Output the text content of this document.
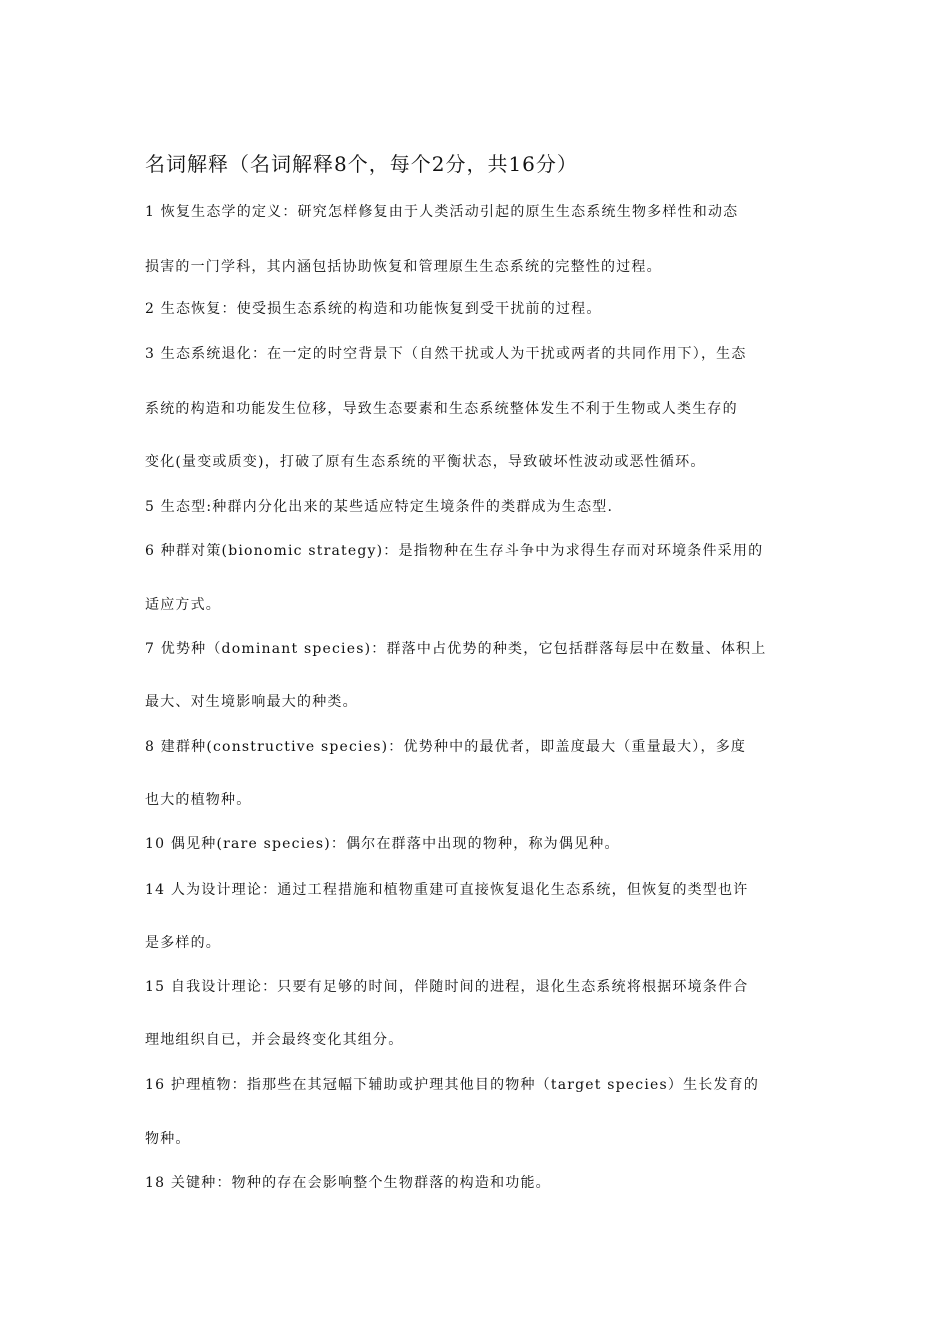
名词解释（名词解释8个，每个2分，共16分）
1 恢复生态学的定义：研究怎样修复由于人类活动引起的原生生态系统生物多样性和动态
损害的一门学科，其内涵包括协助恢复和管理原生生态系统的完整性的过程。
2 生态恢复：使受损生态系统的构造和功能恢复到受干扰前的过程。
3 生态系统退化：在一定的时空背景下（自然干扰或人为干扰或两者的共同作用下），生态
系统的构造和功能发生位移，导致生态要素和生态系统整体发生不利于生物或人类生存的
变化(量变或质变)，打破了原有生态系统的平衡状态，导致破坏性波动或恶性循环。
5 生态型:种群内分化出来的某些适应特定生境条件的类群成为生态型.
6 种群对策(bionomic strategy)：是指物种在生存斗争中为求得生存而对环境条件采用的
适应方式。
7 优势种（dominant species)：群落中占优势的种类，它包括群落每层中在数量、体积上
最大、对生境影响最大的种类。
8 建群种(constructive species)：优势种中的最优者，即盖度最大（重量最大），多度
也大的植物种。
10 偶见种(rare species)：偶尔在群落中出现的物种，称为偶见种。
14 人为设计理论：通过工程措施和植物重建可直接恢复退化生态系统，但恢复的类型也许
是多样的。
15 自我设计理论：只要有足够的时间，伴随时间的进程，退化生态系统将根据环境条件合
理地组织自已，并会最终变化其组分。
16 护理植物：指那些在其冠幅下辅助或护理其他目的物种（target species）生长发育的
物种。
18 关键种：物种的存在会影响整个生物群落的构造和功能。
